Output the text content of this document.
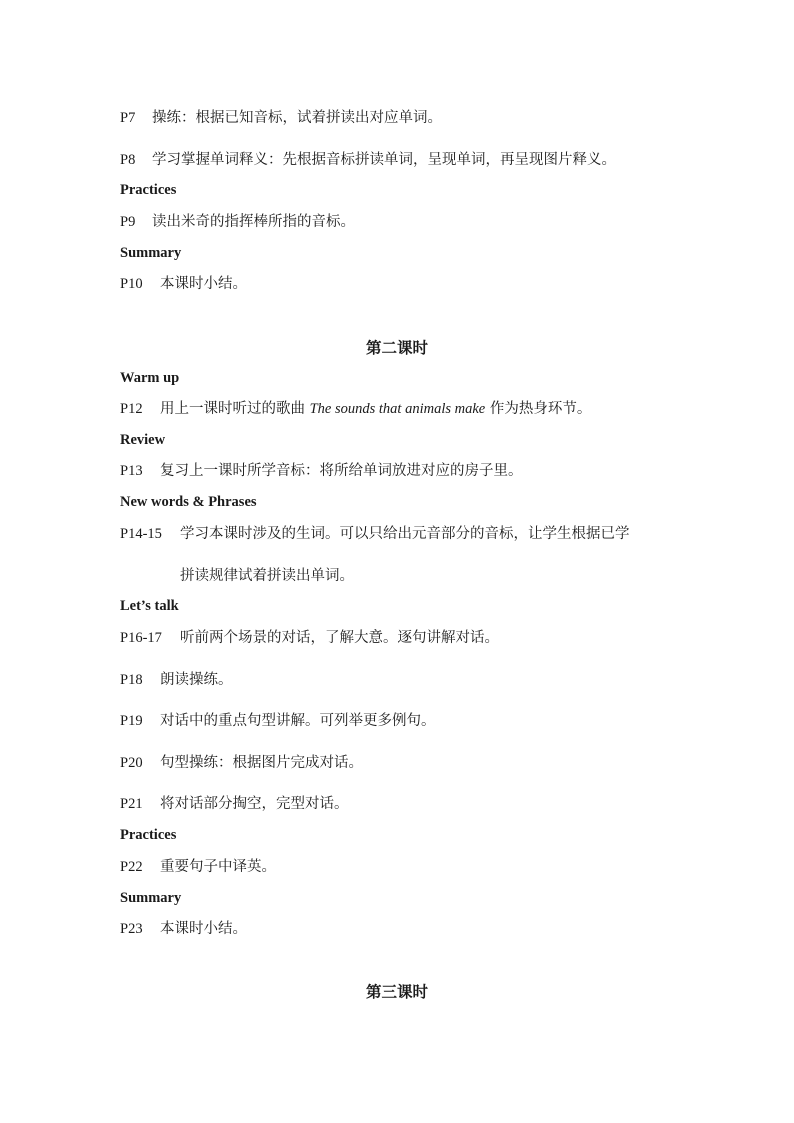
P7 操练：根据已知音标，试着拼读出对应单词。
P8 学习掌握单词释义：先根据音标拼读单词，呈现单词，再呈现图片释义。
Practices
P9 读出米奇的指挥棒所指的音标。
Summary
P10 本课时小结。
第二课时
Warm up
P12 用上一课时听过的歌曲 The sounds that animals make 作为热身环节。
Review
P13 复习上一课时所学音标：将所给单词放进对应的房子里。
New words & Phrases
P14-15 学习本课时涉及的生词。可以只给出元音部分的音标，让学生根据已学
拼读规律试着拼读出单词。
Let’s talk
P16-17 听前两个场景的对话，了解大意。逐句讲解对话。
P18 朗读操练。
P19 对话中的重点句型讲解。可列举更多例句。
P20 句型操练：根据图片完成对话。
P21 将对话部分掏空，完型对话。
Practices
P22 重要句子中译英。
Summary
P23 本课时小结。
第三课时
